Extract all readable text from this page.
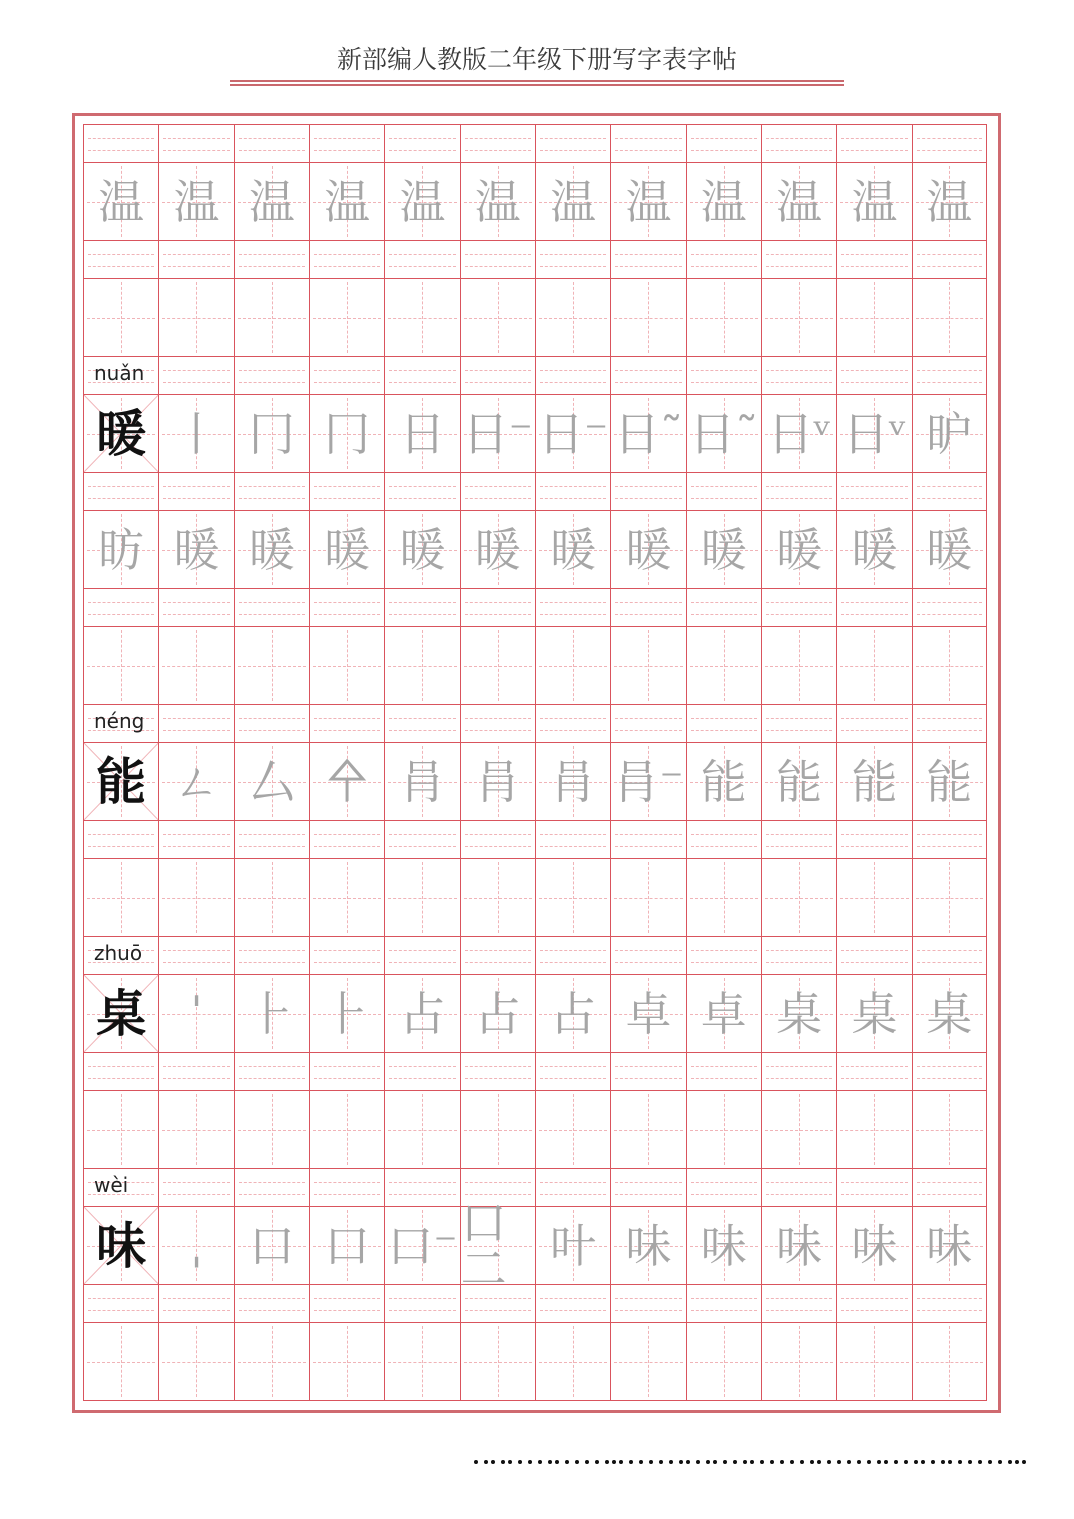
新部编人教版二年级下册写字表字帖
温 温 温 温 温 温 温 温 温 温 温 温
nuǎn
暖 丨 冂 冂 日 日⁻ 日⁻ 日˜ 日˜ 日ᵛ 日ᵛ 昈
昉 暖 暖 暖 暖 暖 暖 暖 暖 暖 暖 暖
néng
能 ㄥ 厶 㐃 肙 肙 肙 肙⁻ 能 能 能 能
zhuō
桌 ˈ	⺊ ⺊ 占 占 占 卓 卓 桌 桌 桌
wèi
味 ˌ	口 口 口⁻ 口二 叶 味 味 味 味 味
